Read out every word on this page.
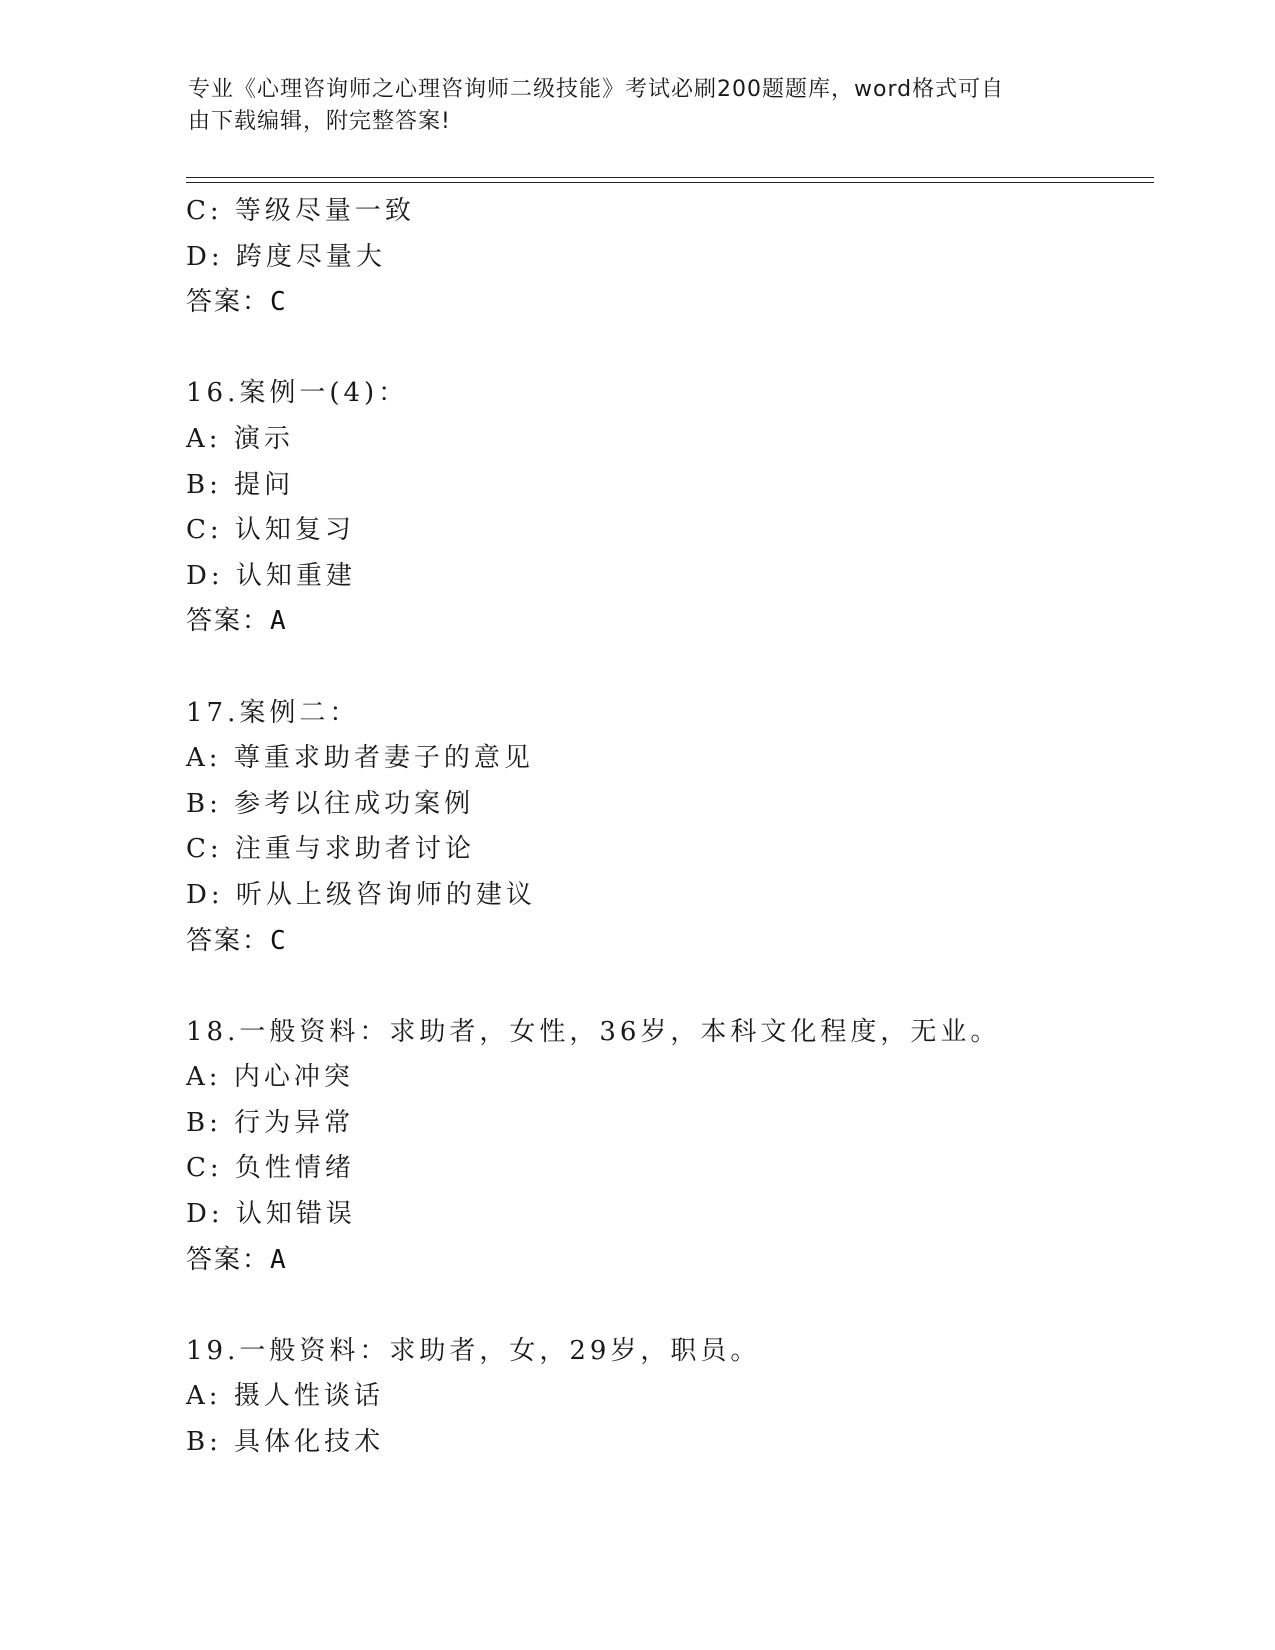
专业《心理咨询师之心理咨询师二级技能》考试必刷200题题库，word格式可自
由下载编辑，附完整答案!
C: 等级尽量一致
D: 跨度尽量大
答案：C
16.案例一(4)：
A: 演示
B: 提问
C: 认知复习
D: 认知重建
答案：A
17.案例二：
A: 尊重求助者妻子的意见
B: 参考以往成功案例
C: 注重与求助者讨论
D: 听从上级咨询师的建议
答案：C
18.一般资料：求助者，女性，36岁，本科文化程度，无业。
A: 内心冲突
B: 行为异常
C: 负性情绪
D: 认知错误
答案：A
19.一般资料：求助者，女，29岁，职员。
A: 摄人性谈话
B: 具体化技术
